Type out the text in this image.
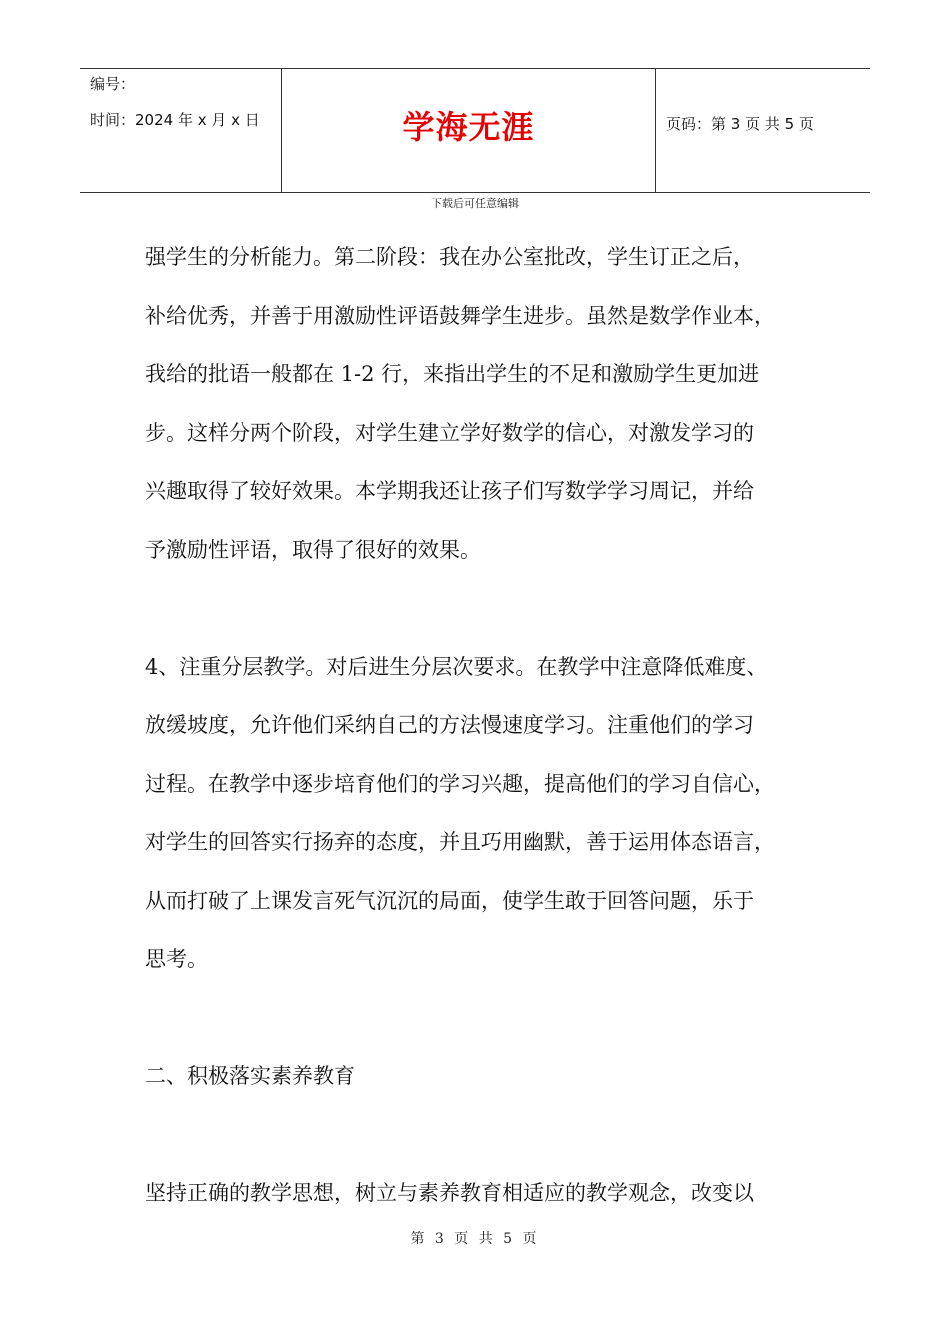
编号：
时间：2024 年 x 月 x 日	学海无涯	页码：第 3 页 共 5 页
下载后可任意编辑
强学生的分析能力。第二阶段：我在办公室批改，学生订正之后，
补给优秀，并善于用激励性评语鼓舞学生进步。虽然是数学作业本，
我给的批语一般都在 1-2 行，来指出学生的不足和激励学生更加进
步。这样分两个阶段，对学生建立学好数学的信心，对激发学习的
兴趣取得了较好效果。本学期我还让孩子们写数学学习周记，并给
予激励性评语，取得了很好的效果。
4、注重分层教学。对后进生分层次要求。在教学中注意降低难度、
放缓坡度，允许他们采纳自己的方法慢速度学习。注重他们的学习
过程。在教学中逐步培育他们的学习兴趣，提高他们的学习自信心，
对学生的回答实行扬弃的态度，并且巧用幽默，善于运用体态语言，
从而打破了上课发言死气沉沉的局面，使学生敢于回答问题，乐于
思考。
二、积极落实素养教育
坚持正确的教学思想，树立与素养教育相适应的教学观念，改变以
第 3 页 共 5 页
